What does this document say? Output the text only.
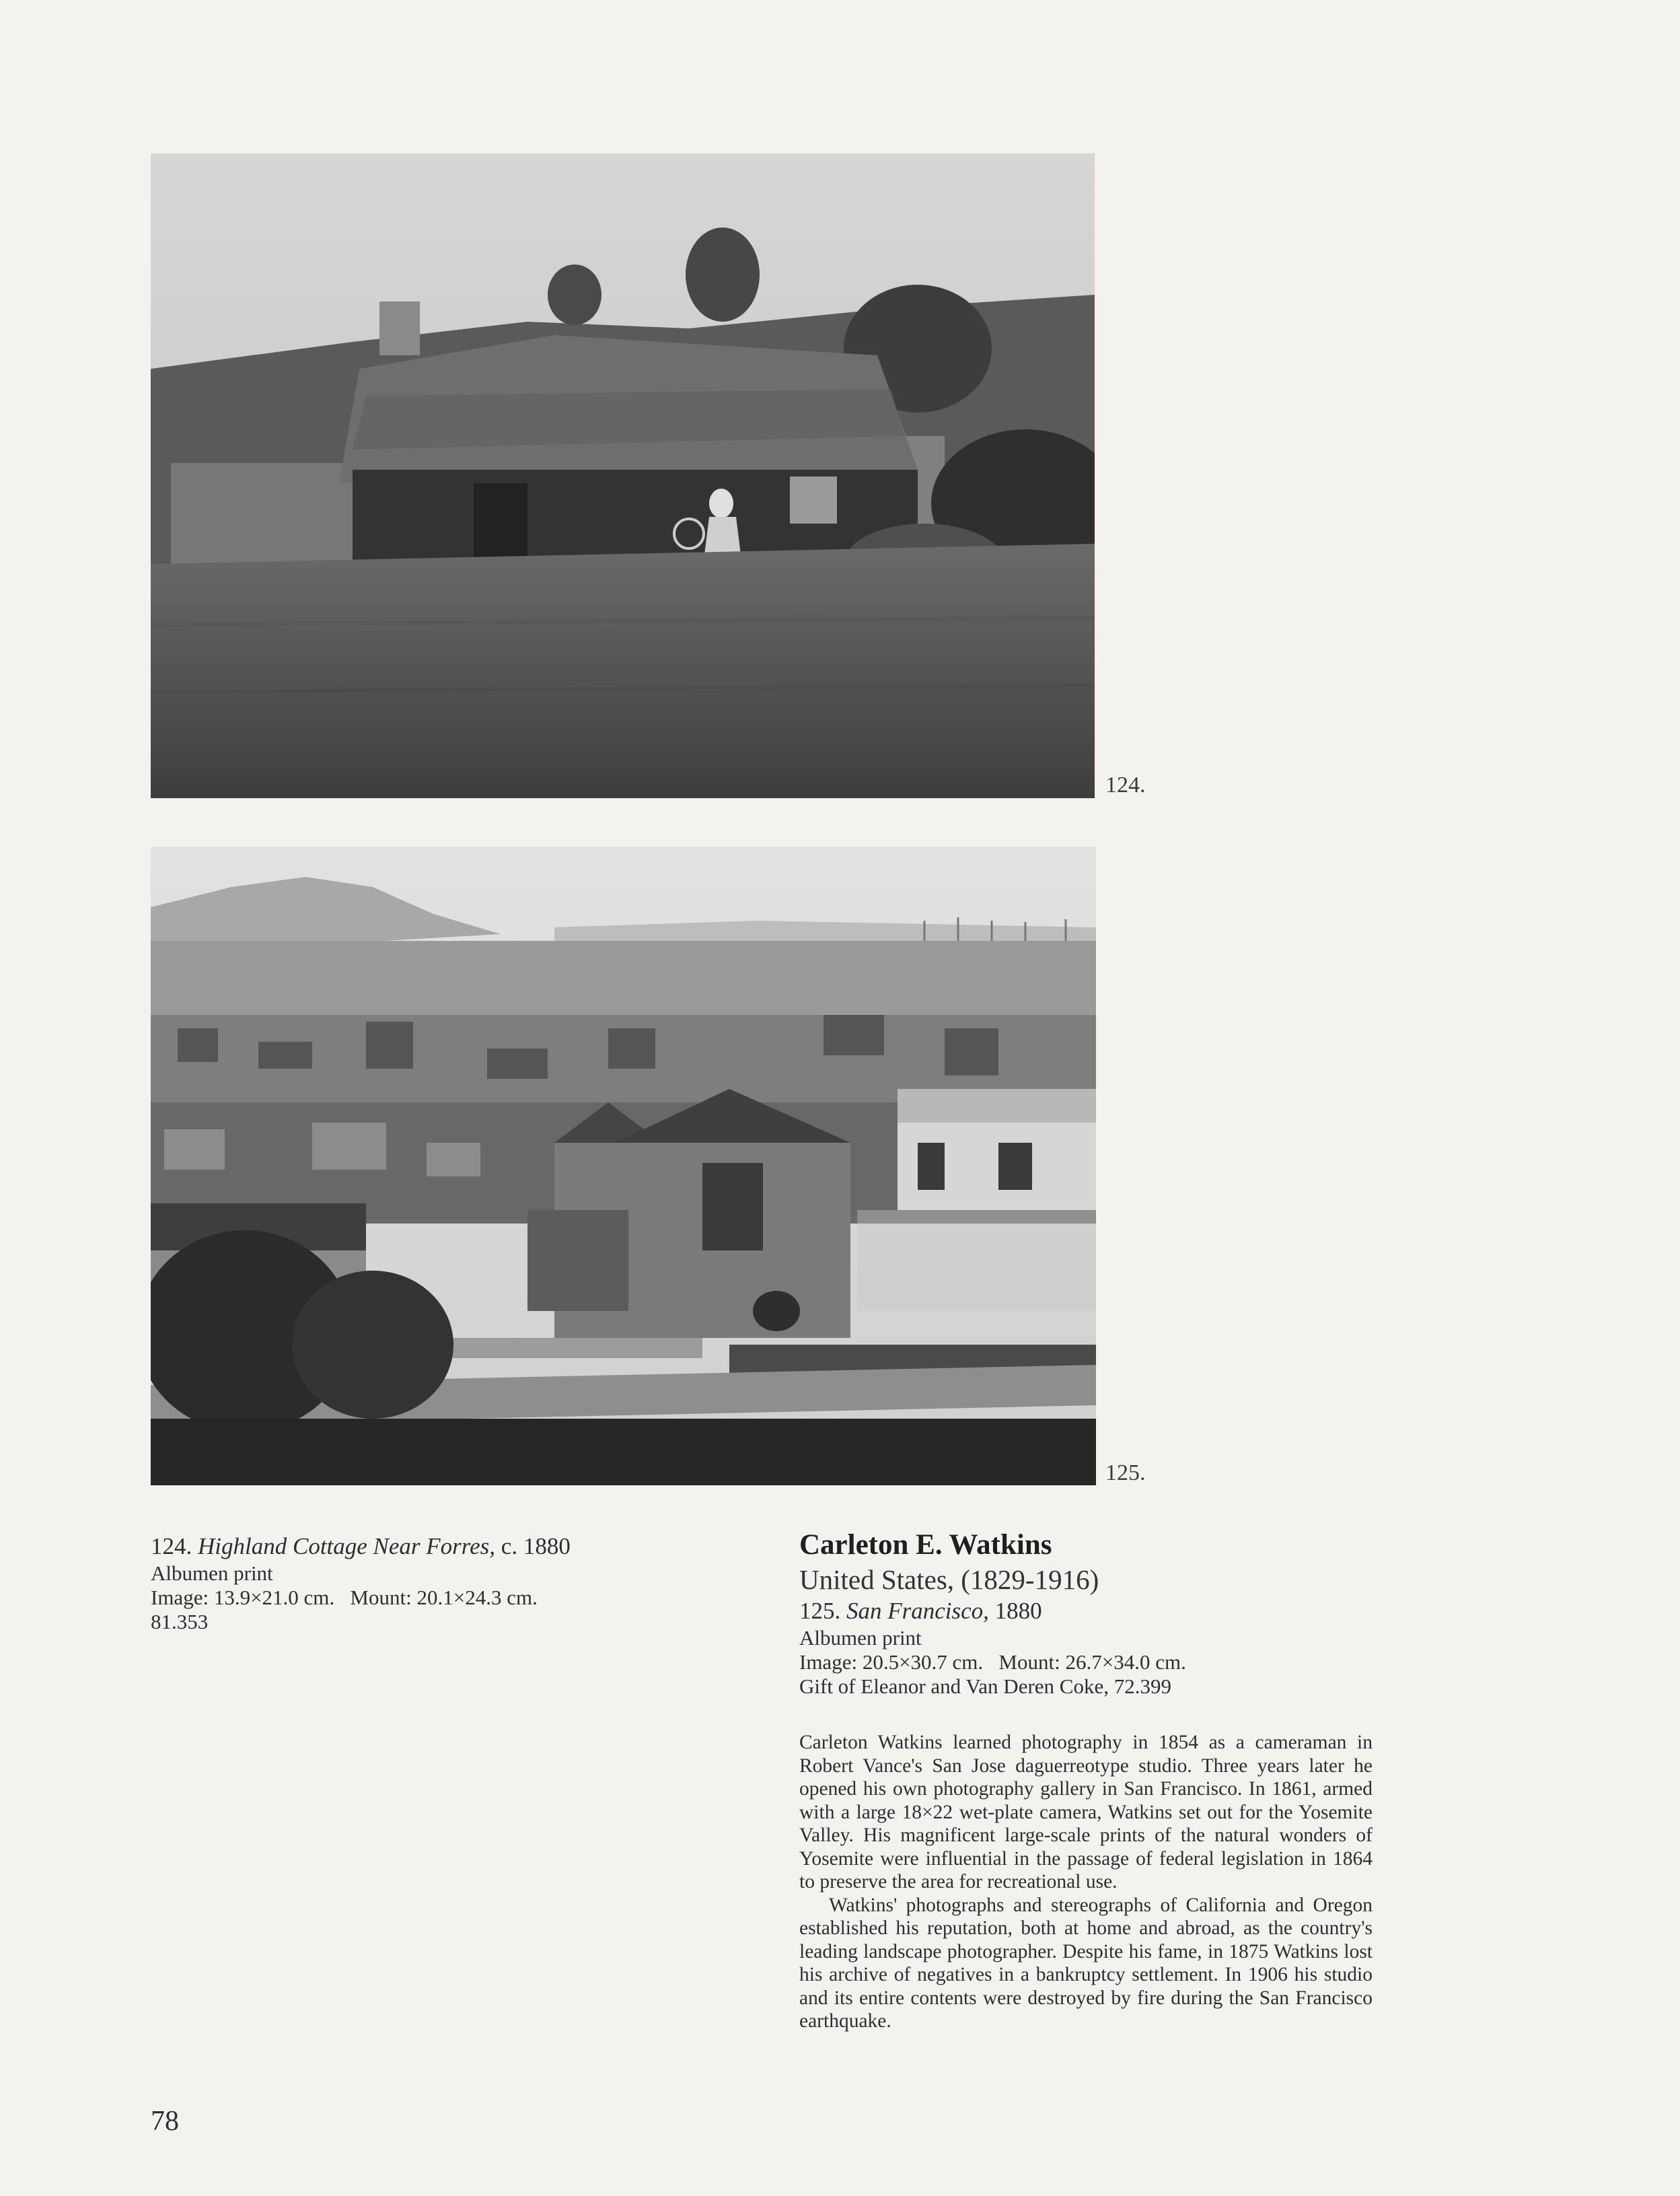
124.
125.
124. Highland Cottage Near Forres, c. 1880
Albumen print
Image: 13.9×21.0 cm.   Mount: 20.1×24.3 cm.
81.353
Carleton E. Watkins
United States, (1829-1916)
125. San Francisco, 1880
Albumen print
Image: 20.5×30.7 cm.   Mount: 26.7×34.0 cm.
Gift of Eleanor and Van Deren Coke, 72.399

Carleton Watkins learned photography in 1854 as a cameraman in Robert Vance's San Jose daguerreotype studio. Three years later he opened his own photography gallery in San Francisco. In 1861, armed with a large 18×22 wet-plate camera, Watkins set out for the Yosemite Valley. His magnificent large-scale prints of the natural wonders of Yosemite were influential in the passage of federal legislation in 1864 to preserve the area for recreational use.

Watkins' photographs and stereographs of California and Oregon established his reputation, both at home and abroad, as the country's leading landscape photographer. Despite his fame, in 1875 Watkins lost his archive of negatives in a bankruptcy settlement. In 1906 his studio and its entire contents were destroyed by fire during the San Francisco earthquake.

78
